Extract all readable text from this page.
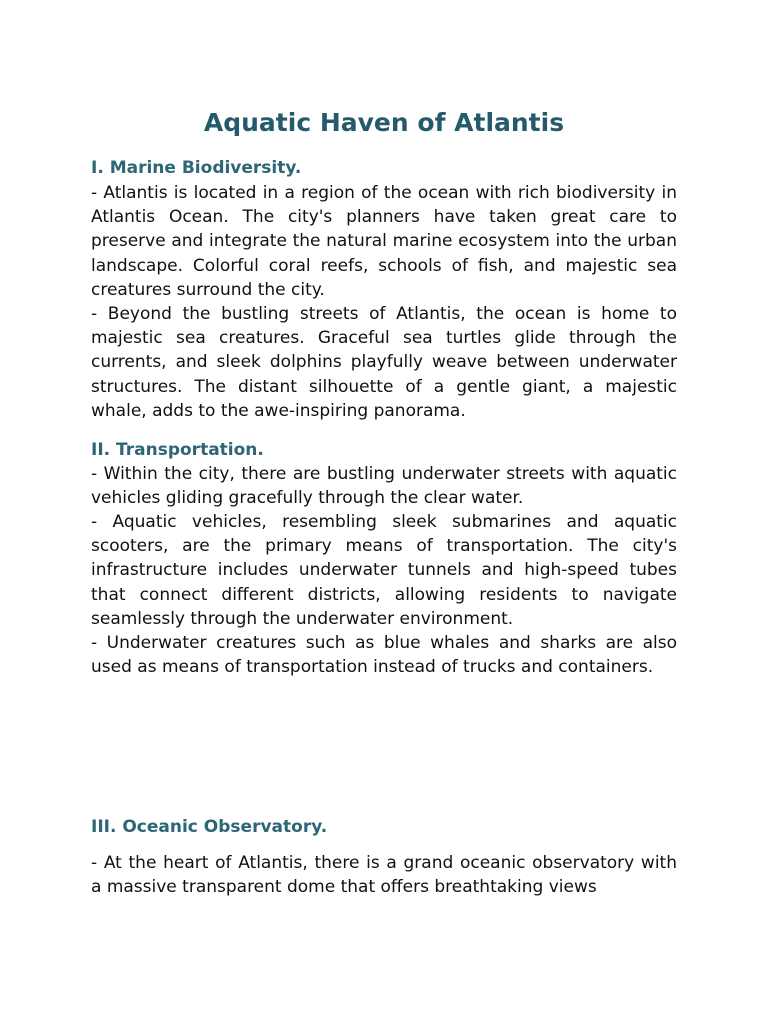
Aquatic Haven of Atlantis
I. Marine Biodiversity.

- Atlantis is located in a region of the ocean with rich biodiversity in Atlantis Ocean. The city's planners have taken great care to preserve and integrate the natural marine ecosystem into the urban landscape. Colorful coral reefs, schools of fish, and majestic sea creatures surround the city.

- Beyond the bustling streets of Atlantis, the ocean is home to majestic sea creatures. Graceful sea turtles glide through the currents, and sleek dolphins playfully weave between underwater structures. The distant silhouette of a gentle giant, a majestic whale, adds to the awe-inspiring panorama.

II. Transportation.

- Within the city, there are bustling underwater streets with aquatic vehicles gliding gracefully through the clear water.

- Aquatic vehicles, resembling sleek submarines and aquatic scooters, are the primary means of transportation. The city's infrastructure includes underwater tunnels and high-speed tubes that connect different districts, allowing residents to navigate seamlessly through the underwater environment.

- Underwater creatures such as blue whales and sharks are also used as means of transportation instead of trucks and containers.

III. Oceanic Observatory.

- At the heart of Atlantis, there is a grand oceanic observatory with a massive transparent dome that offers breathtaking views
